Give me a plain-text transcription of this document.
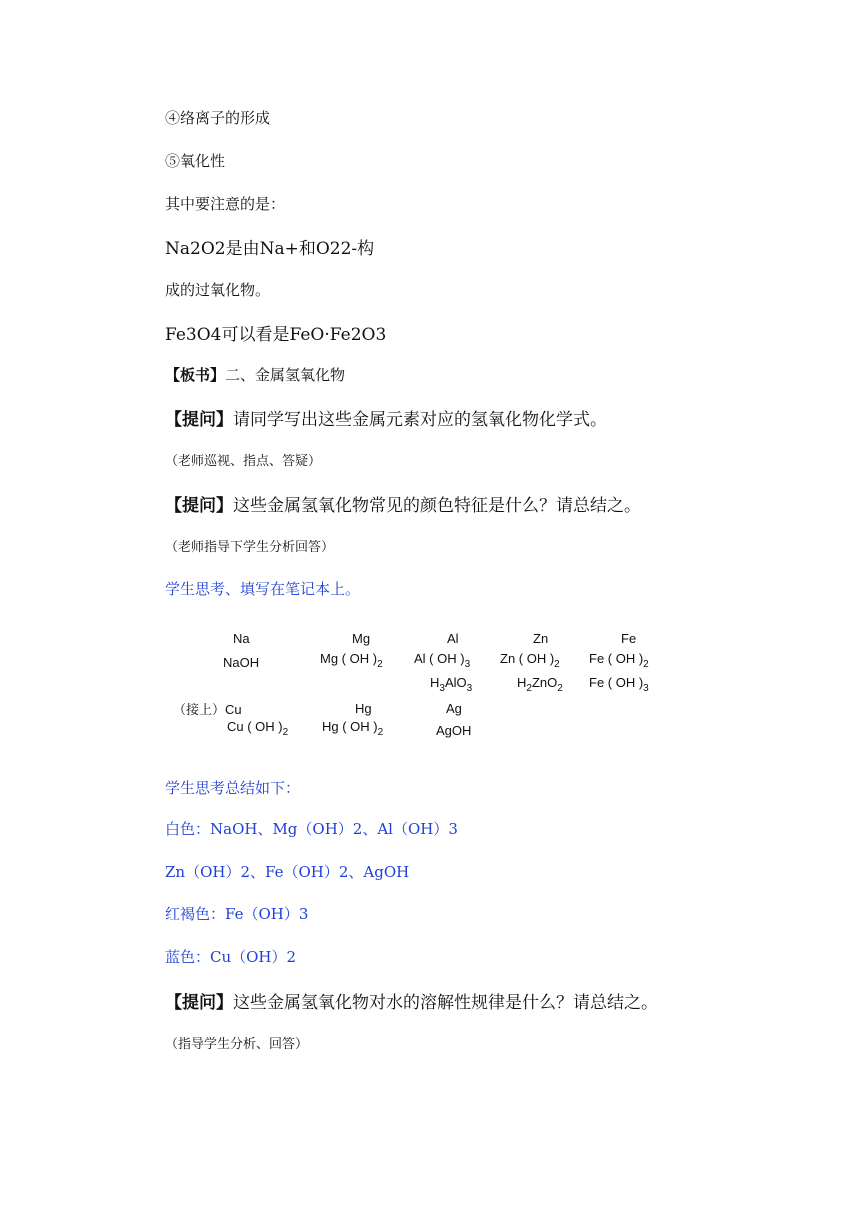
④络离子的形成
⑤氧化性
其中要注意的是：
Na2O2是由Na+和O22-构
成的过氧化物。
Fe3O4可以看是FeO·Fe2O3
【板书】二、金属氢氧化物
【提问】请同学写出这些金属元素对应的氢氧化物化学式。
（老师巡视、指点、答疑）
【提问】这些金属氢氧化物常见的颜色特征是什么？请总结之。
（老师指导下学生分析回答）
学生思考、填写在笔记本上。
Na
NaOH
Mg
Mg ( OH )$_2$
Al
Al ( OH )$_3$
$H_3AlO_3$
Zn
Zn ( OH )$_2$
$H_2ZnO_2$
Fe
Fe ( OH )$_2$
Fe ( OH )$_3$
（接上）Cu
Cu ( OH )$_2$
Hg
Hg ( OH )$_2$
Ag
AgOH
学生思考总结如下：
白色：NaOH、Mg（OH）2、Al（OH）3
Zn（OH）2、Fe（OH）2、AgOH
红褐色：Fe（OH）3
蓝色：Cu（OH）2
【提问】这些金属氢氧化物对水的溶解性规律是什么？请总结之。
（指导学生分析、回答）
